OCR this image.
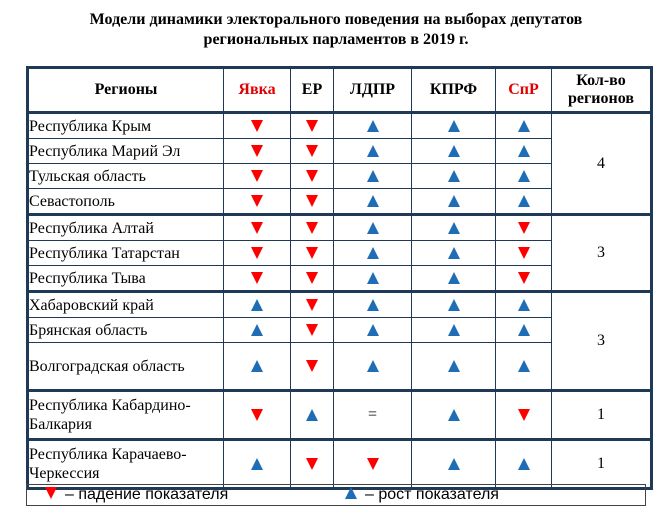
Модели динамики электорального поведения на выборах депутатов
региональных парламентов в 2019 г.
Регионы	Явка	ЕР	ЛДПР	КПРФ	СпР	Кол-во регионов
Республика Крым						4
Республика Марий Эл						
Тульская область						
Севастополь						
Республика Алтай						3
Республика Татарстан						
Республика Тыва						
Хабаровский край						3
Брянская область						
Волгоградская область						
Республика Кабардино-Балкария			=			1
Республика Карачаево-Черкессия						1
– падение показателя	– рост показателя
